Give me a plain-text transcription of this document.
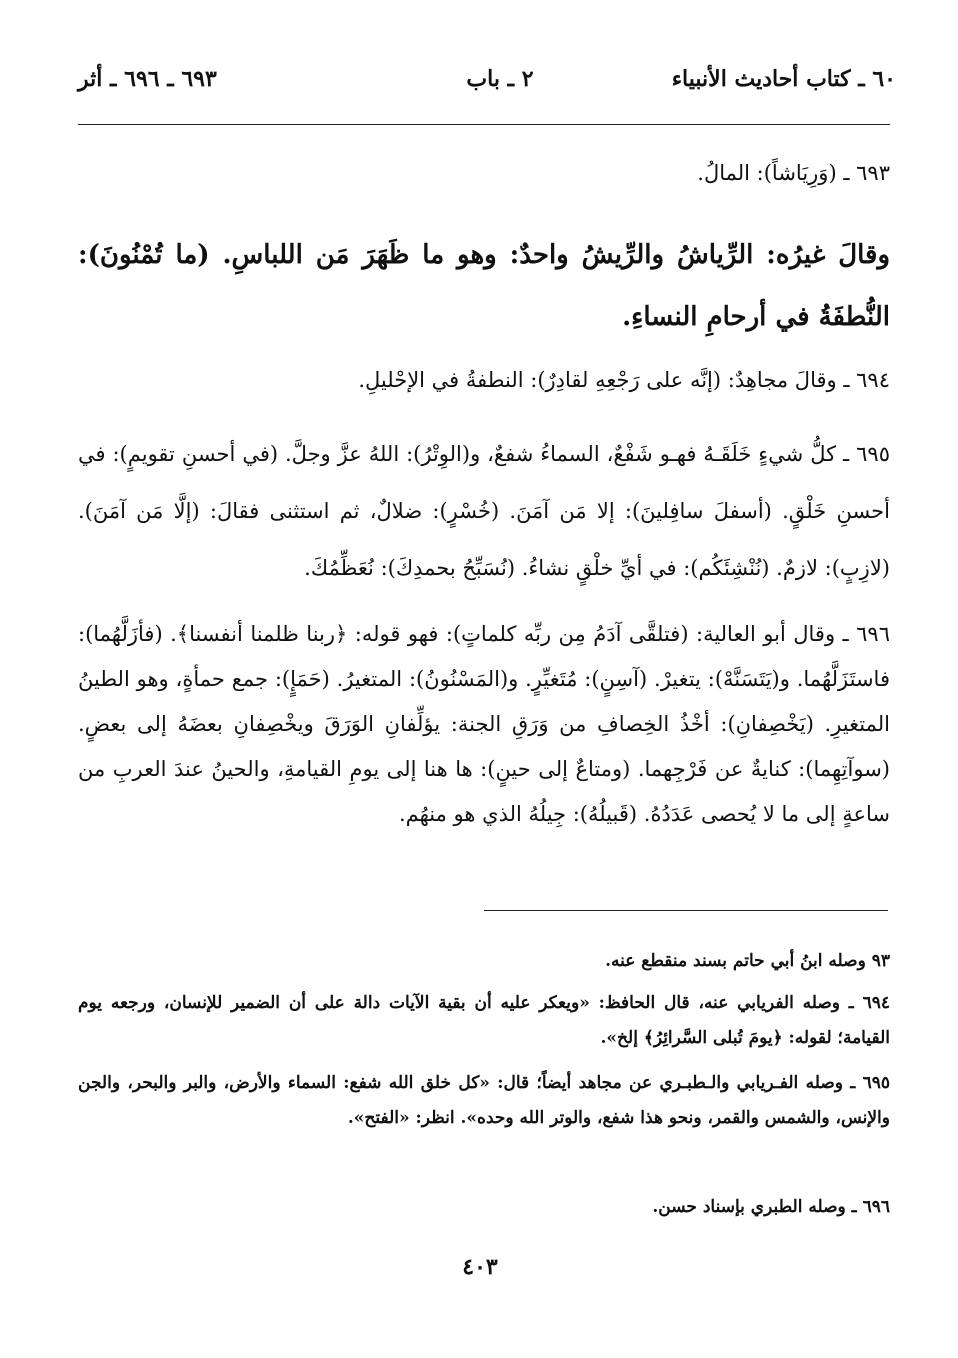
٦٠ ـ كتاب أحاديث الأنبياء
٢ ـ باب
٦٩٣ ـ ٦٩٦ ـ أثر

٦٩٣ ـ (وَرِيَاشاً): المالُ.

وقالَ غيرُه: الرِّياشُ والرِّيشُ واحدٌ: وهو ما ظَهَرَ مَن اللباسِ. (ما تُمْنُونَ): النُّطفَةُ في أرحامِ النساءِ.

٦٩٤ ـ وقالَ مجاهِدٌ: (إنَّه على رَجْعِهِ لقادِرٌ): النطفةُ في الإحْليلِ.

٦٩٥ ـ كلُّ شيءٍ خَلَقَـهُ فهـو شَفْعٌ، السماءُ شفعٌ، و(الوِتْرُ): اللهُ عزَّ وجلَّ. (في أحسنِ تقويمٍ): في أحسنِ خَلْقٍ. (أسفلَ سافِلينَ): إلا مَن آمَنَ. (خُسْرٍ): ضلالٌ، ثم استثنى فقالَ: (إلَّا مَن آمَنَ). (لازِبٍ): لازمٌ. (نُنْشِئَكُم): في أيِّ خلْقٍ نشاءُ. (نُسَبِّحُ بحمدِكَ): نُعَظِّمُكَ.

٦٩٦ ـ وقال أبو العالية: (فتلقَّى آدَمُ مِن ربِّه كلماتٍ): فهو قوله: ﴿ربنا ظلمنا أنفسنا﴾. (فأزَلَّهُما): فاستَزَلَّهُما. و(يَتَسَنَّهْ): يتغيرْ. (آسِنٍ): مُتَغيِّرٍ. و(المَسْنُونُ): المتغيرُ. (حَمَإٍ): جمع حمأةٍ، وهو الطينُ المتغيرِ. (يَخْصِفانِ): أخْذُ الخِصافِ من وَرَقِ الجنة: يؤلِّفانِ الوَرَقَ ويخْصِفانِ بعضَهُ إلى بعضٍ. (سوآتِهِما): كنايةٌ عن فَرْجِهما. (ومتاعٌ إلى حينٍ): ها هنا إلى يومِ القيامةِ، والحينُ عندَ العربِ من ساعةٍ إلى ما لا يُحصى عَدَدُهُ. (قَبيلُهُ): جِيلُهُ الذي هو منهُم.

٩٣ وصله ابنُ أبي حاتم بسند منقطع عنه.

٦٩٤ ـ وصله الفريابي عنه، قال الحافظ: «ويعكر عليه أن بقية الآيات دالة على أن الضمير للإنسان، ورجعه يوم القيامة؛ لقوله: ﴿يومَ تُبلى السَّرائِرُ﴾ إلخ».

٦٩٥ ـ وصله الفـريابي والـطبـري عن مجاهد أيضاً؛ قال: «كل خلق الله شفع: السماء والأرض، والبر والبحر، والجن والإنس، والشمس والقمر، ونحو هذا شفع، والوتر الله وحده». انظر: «الفتح».

٦٩٦ ـ وصله الطبري بإسناد حسن.

٤٠٣
